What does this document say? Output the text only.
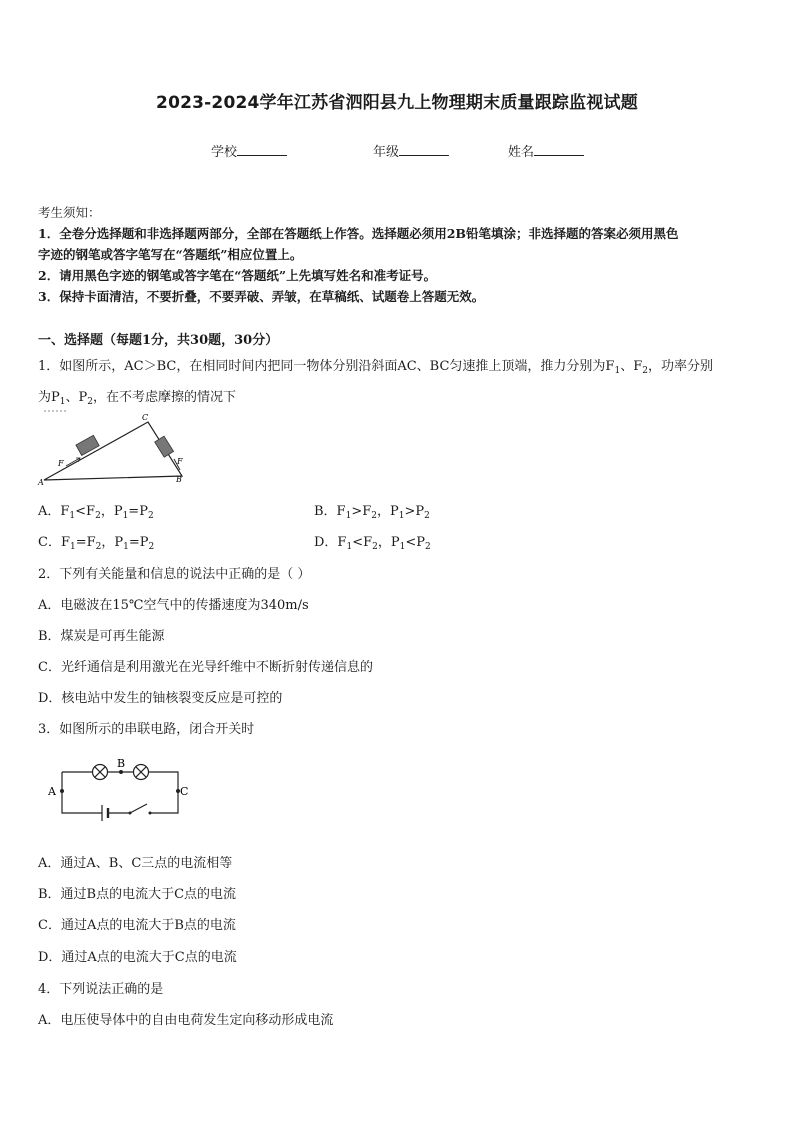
2023-2024学年江苏省泗阳县九上物理期末质量跟踪监视试题
学校	年级	姓名
考生须知：
1．全卷分选择题和非选择题两部分，全部在答题纸上作答。选择题必须用2B铅笔填涂；非选择题的答案必须用黑色
字迹的钢笔或答字笔写在“答题纸”相应位置上。
2．请用黑色字迹的钢笔或答字笔在“答题纸”上先填写姓名和准考证号。
3．保持卡面清洁，不要折叠，不要弄破、弄皱，在草稿纸、试题卷上答题无效。
一、选择题（每题1分，共30题，30分）
1．如图所示，AC＞BC，在相同时间内把同一物体分别沿斜面AC、BC匀速推上顶端，推力分别为$F_1$、$F_2$，功率分别
为$P_1$、$P_2$，在不考虑摩擦的情况下
A	B
C
F	F
A．$F_1<F_2$，$P_1=P_2$	B．$F_1>F_2$，$P_1>P_2$
C．$F_1=F_2$，$P_1=P_2$	D．$F_1<F_2$，$P_1<P_2$
2．下列有关能量和信息的说法中正确的是（ ）
A．电磁波在15℃空气中的传播速度为340m/s
B．煤炭是可再生能源
C．光纤通信是利用激光在光导纤维中不断折射传递信息的
D．核电站中发生的铀核裂变反应是可控的
3．如图所示的串联电路，闭合开关时
A
B
C
A．通过A、B、C三点的电流相等
B．通过B点的电流大于C点的电流
C．通过A点的电流大于B点的电流
D．通过A点的电流大于C点的电流
4．下列说法正确的是
A．电压使导体中的自由电荷发生定向移动形成电流
